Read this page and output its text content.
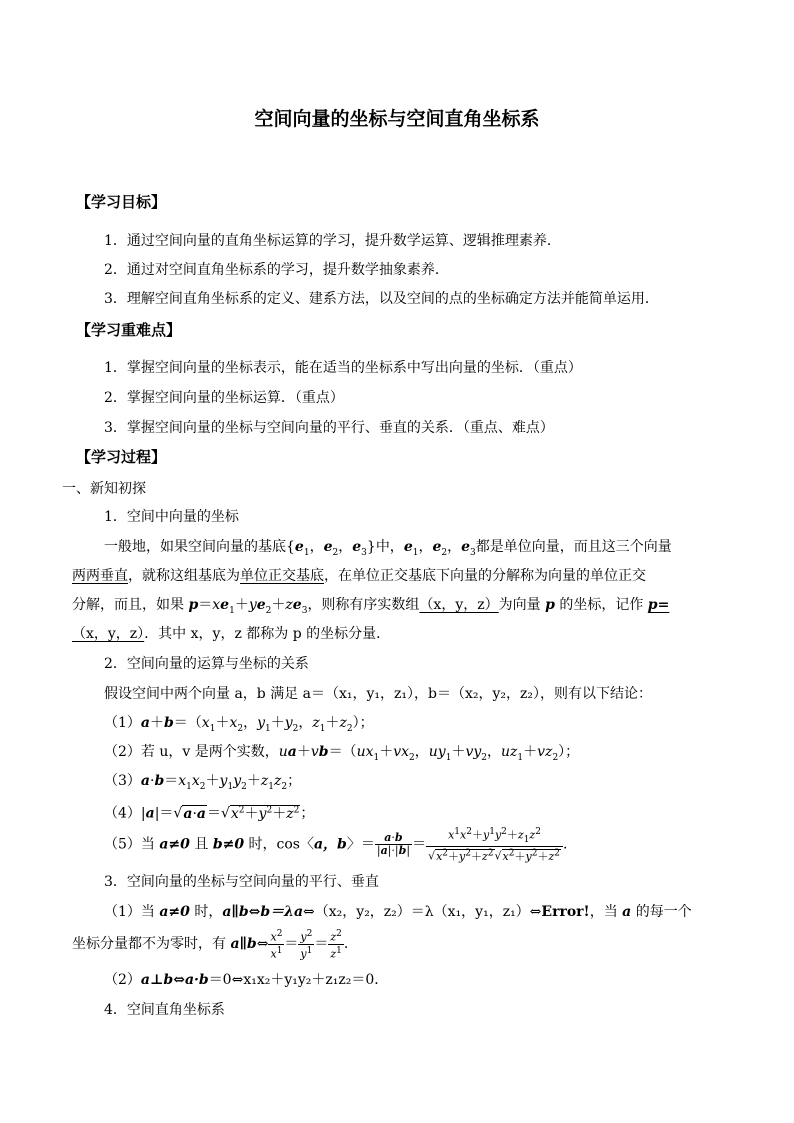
空间向量的坐标与空间直角坐标系
【学习目标】
1．通过空间向量的直角坐标运算的学习，提升数学运算、逻辑推理素养．
2．通过对空间直角坐标系的学习，提升数学抽象素养．
3．理解空间直角坐标系的定义、建系方法，以及空间的点的坐标确定方法并能简单运用．
【学习重难点】
1．掌握空间向量的坐标表示，能在适当的坐标系中写出向量的坐标．（重点）
2．掌握空间向量的坐标运算．（重点）
3．掌握空间向量的坐标与空间向量的平行、垂直的关系．（重点、难点）
【学习过程】
一、新知初探
1．空间中向量的坐标
一般地，如果空间向量的基底{$e_1$，$e_2$，$e_3$}中，$e_1$，$e_2$，$e_3$都是单位向量，而且这三个向量
两两垂直，就称这组基底为单位正交基底，在单位正交基底下向量的分解称为向量的单位正交
分解，而且，如果 $p=xe_1+ye_2+ze_3$，则称有序实数组（x，y，z）为向量 p 的坐标，记作 p=
（x，y，z）．其中 x，y，z 都称为 p 的坐标分量．
2．空间向量的运算与坐标的关系
假设空间中两个向量 a，b 满足 a＝（x₁，y₁，z₁），b＝（x₂，y₂，z₂），则有以下结论：
$(1)a+b=(x_1+x_2$，$y_1+y_2$，$z_1+z_2$）；
（2）若 u，v 是两个实数，$ua+vb=(ux_1+vx_2$，$uy_1+vy_2$，$uz_1+vz_2$）；
$(3)a\cdot b=x_1x_2+y_1y_2+z_1z_2$；
$(4)|a|=√a\cdot a=√x^2+y^2+z^2$；
（5）当 a≠0 且 b≠0 时，cos〈a，b〉＝ $\frac{a\cdot b}{|a|\cdot|b|} = \frac{x^1x^2+y^1y^2+z_1z^2}{√x^2+y^2+z^2√x^2+y^2+z^2}$ .
3．空间向量的坐标与空间向量的平行、垂直
（1）当 a≠0 时，a∥b⇔b＝λa⇔（x₂，y₂，z₂）＝λ（x₁，y₁，z₁）⇔Error!，当 a 的每一个
坐标分量都不为零时，有 a∥b⇔ $\frac{x^2}{x^1} = \frac{y^2}{y^1} = \frac{z^2}{z^1}$ .
（2）a⊥b⇔a·b＝0⇔x₁x₂＋y₁y₂＋z₁z₂＝0．
4．空间直角坐标系
